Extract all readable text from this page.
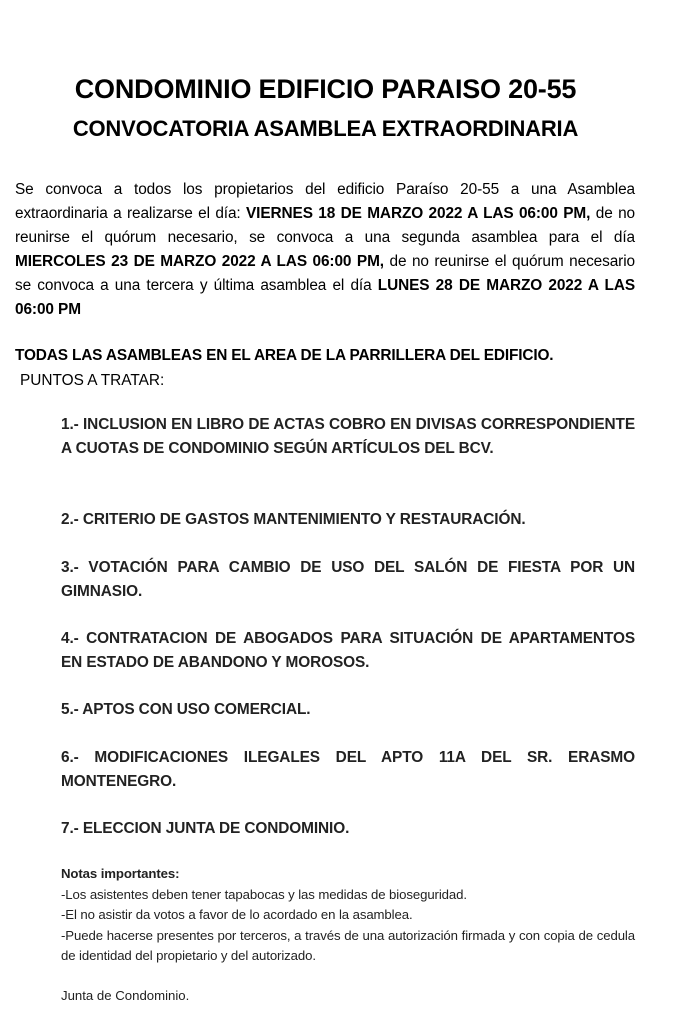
CONDOMINIO EDIFICIO PARAISO 20-55
CONVOCATORIA ASAMBLEA EXTRAORDINARIA
Se convoca a todos los propietarios del edificio Paraíso 20-55 a una Asamblea extraordinaria a realizarse el día: VIERNES 18 DE MARZO 2022 A LAS 06:00 PM, de no reunirse el quórum necesario, se convoca a una segunda asamblea para el día MIERCOLES 23 DE MARZO 2022 A LAS 06:00 PM, de no reunirse el quórum necesario se convoca a una tercera y última asamblea el día LUNES 28 DE MARZO 2022 A LAS 06:00 PM
TODAS LAS ASAMBLEAS EN EL AREA DE LA PARRILLERA DEL EDIFICIO.
PUNTOS A TRATAR:
1.- INCLUSION EN LIBRO DE ACTAS COBRO EN DIVISAS CORRESPONDIENTE A CUOTAS DE CONDOMINIO SEGÚN ARTÍCULOS DEL BCV.
2.- CRITERIO DE GASTOS MANTENIMIENTO Y RESTAURACIÓN.
3.- VOTACIÓN PARA CAMBIO DE USO DEL SALÓN DE FIESTA POR UN GIMNASIO.
4.- CONTRATACION DE ABOGADOS PARA SITUACIÓN DE APARTAMENTOS EN ESTADO DE ABANDONO Y MOROSOS.
5.- APTOS CON USO COMERCIAL.
6.- MODIFICACIONES ILEGALES DEL APTO 11A DEL SR. ERASMO MONTENEGRO.
7.- ELECCION JUNTA DE CONDOMINIO.
Notas importantes:
-Los asistentes deben tener tapabocas y las medidas de bioseguridad.
-El no asistir da votos a favor de lo acordado en la asamblea.
-Puede hacerse presentes por terceros, a través de una autorización firmada y con copia de cedula de identidad del propietario y del autorizado.
Junta de Condominio.
